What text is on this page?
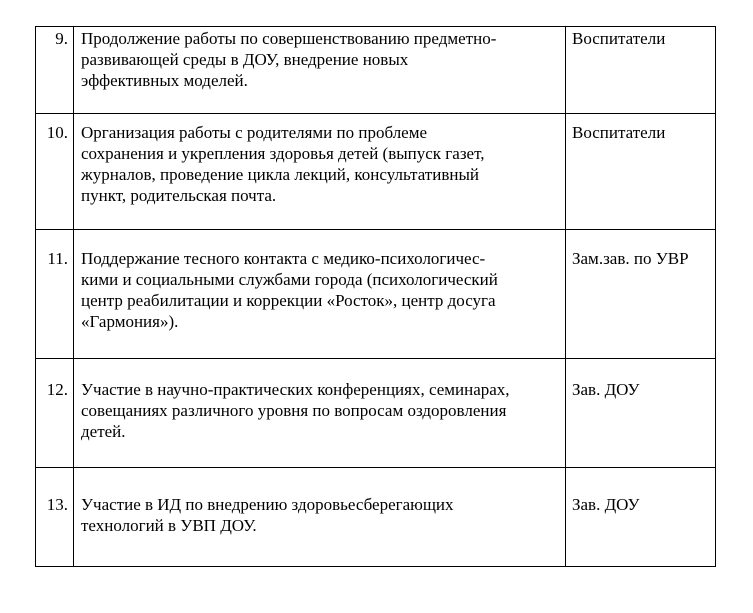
9.	Продолжение работы по совершенствованию предметно-
развивающей среды в ДОУ, внедрение новых
эффективных моделей.	Воспитатели
10.	Организация работы с родителями по проблеме
сохранения и укрепления здоровья детей (выпуск газет,
журналов, проведение цикла лекций, консультативный
пункт, родительская почта.	Воспитатели
11.	Поддержание тесного контакта с медико-психологичес-
кими и социальными службами города (психологический
центр реабилитации и коррекции «Росток», центр досуга
«Гармония»).	Зам.зав. по УВР
12.	Участие в научно-практических конференциях, семинарах,
совещаниях различного уровня по вопросам оздоровления
детей.	Зав. ДОУ
13.	Участие в ИД по внедрению здоровьесберегающих
технологий в УВП ДОУ.	Зав. ДОУ
